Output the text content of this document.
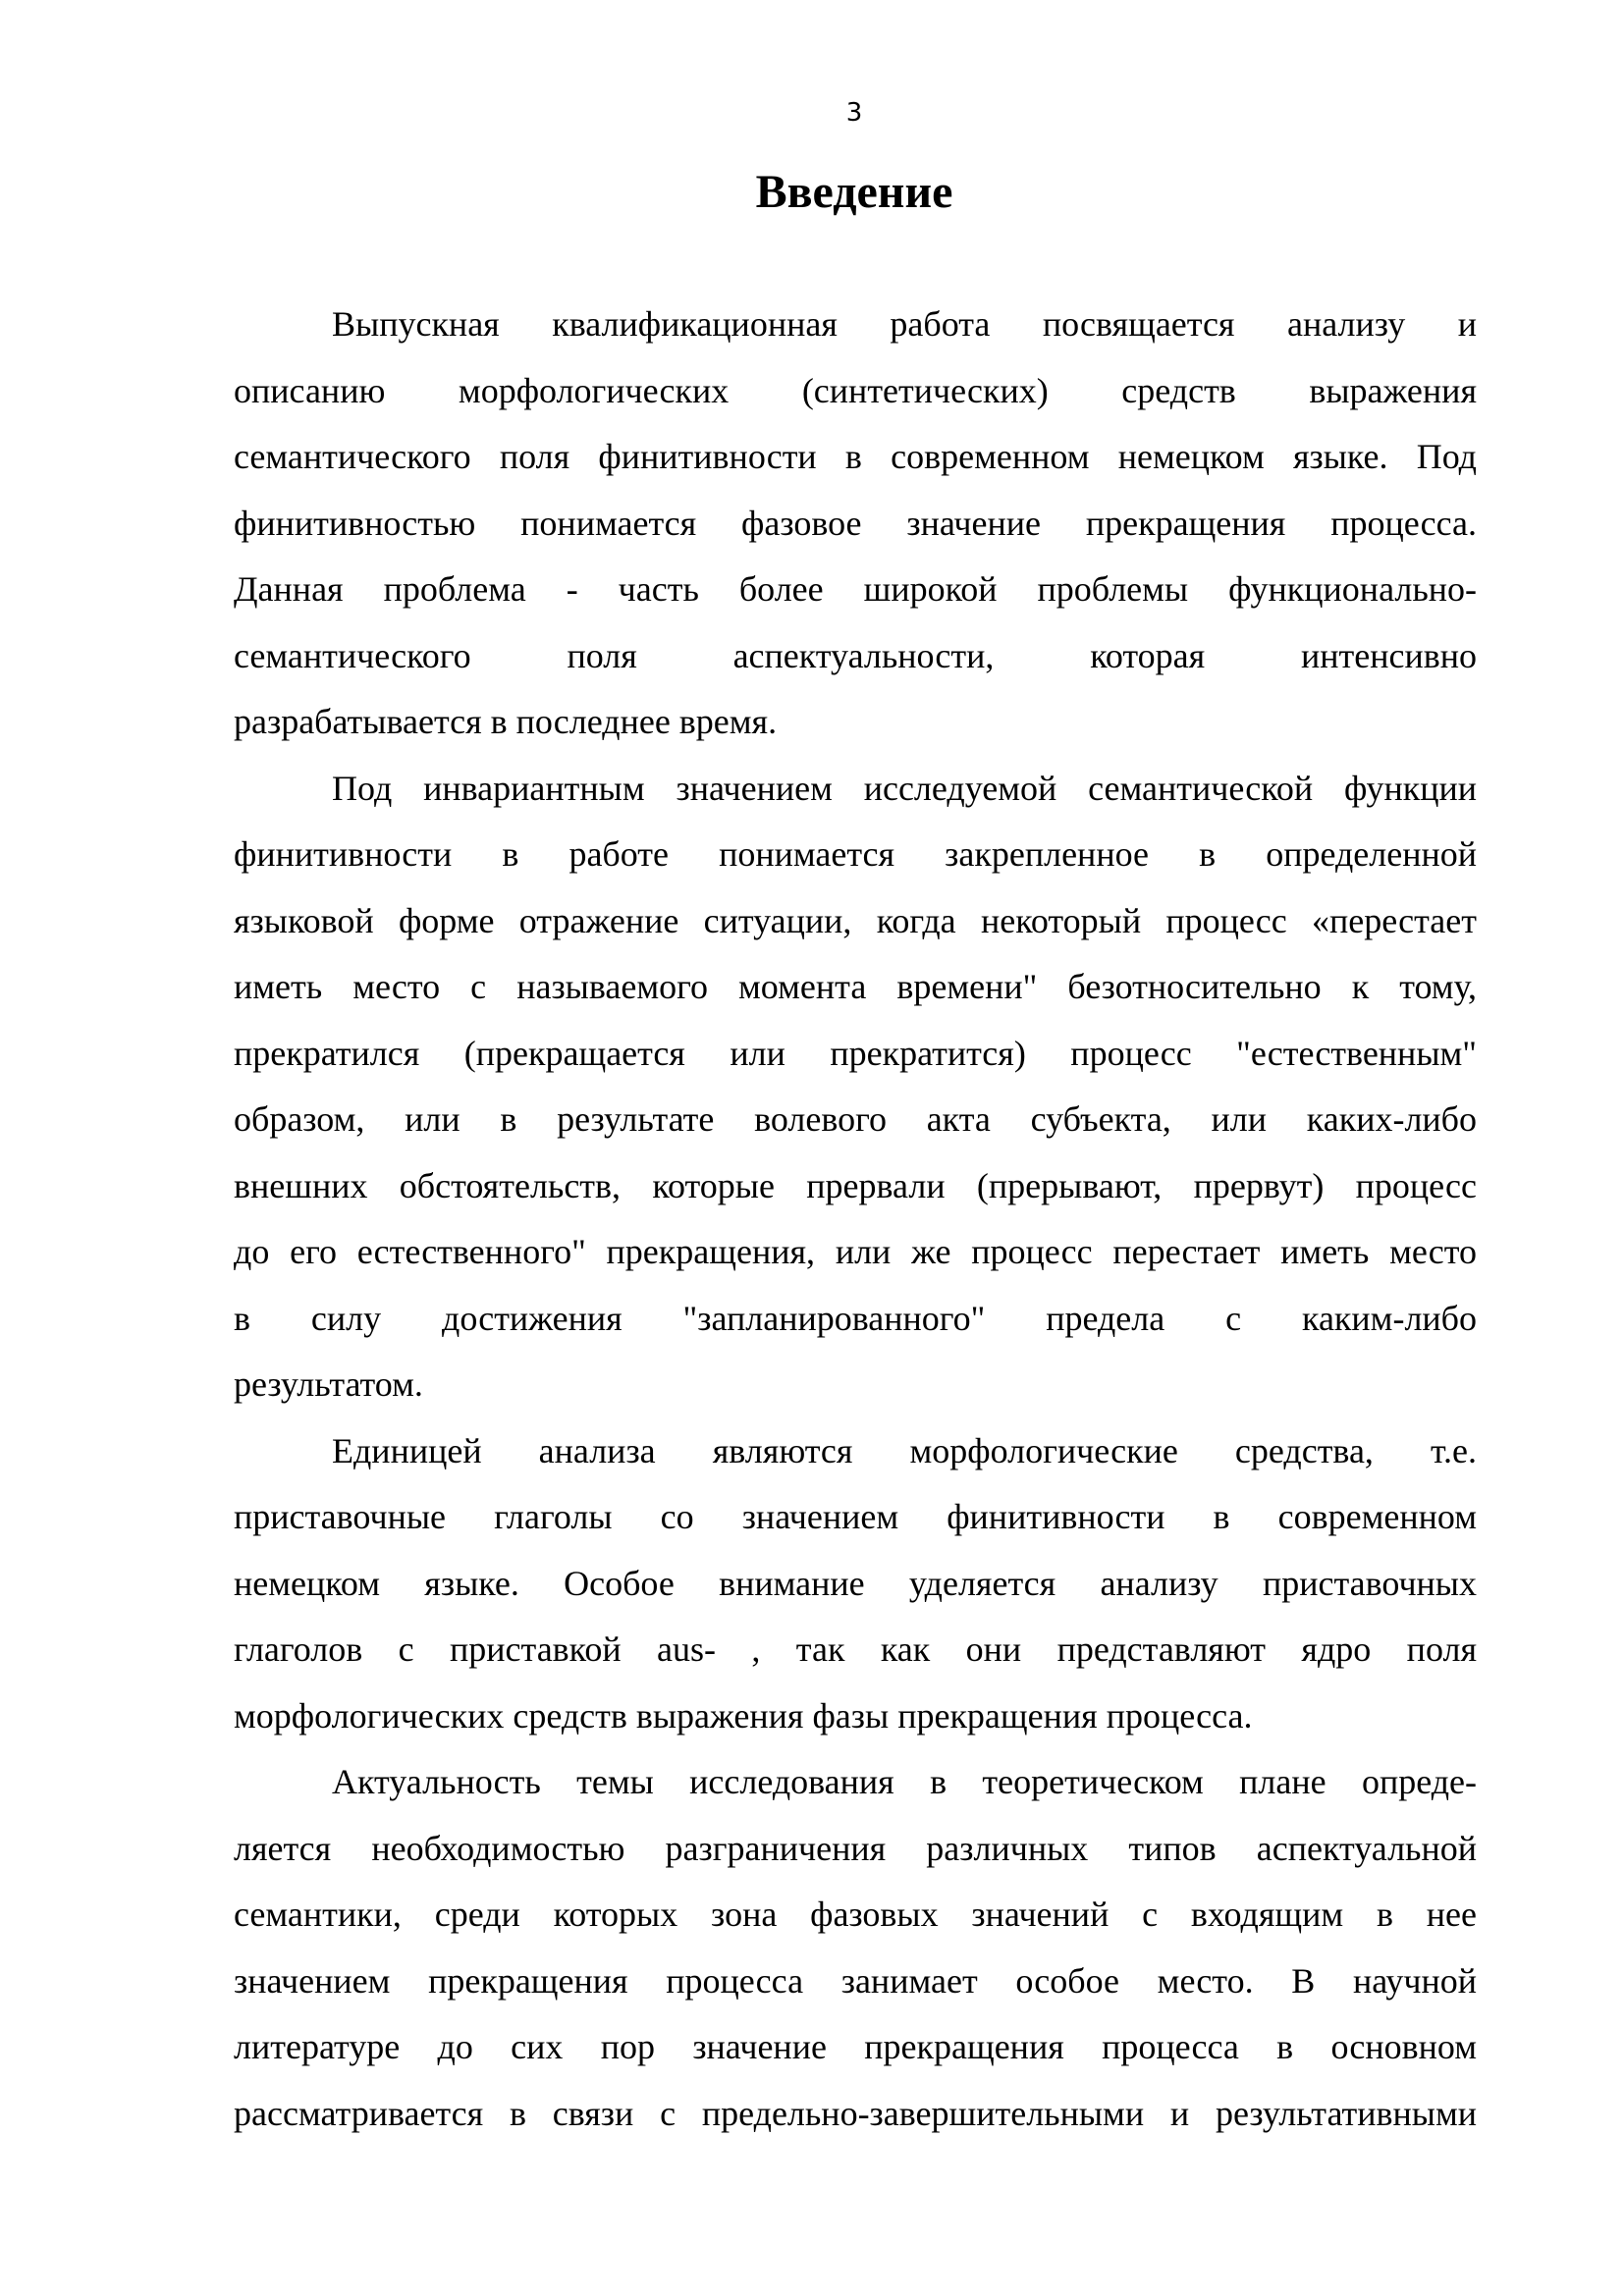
3
Введение
Выпускная квалификационная работа посвящается анализу и
описанию морфологических (синтетических) средств выражения
семантического поля финитивности в современном немецком языке. Под
финитивностью понимается фазовое значение прекращения процесса.
Данная проблема - часть более широкой проблемы функционально-
семантического поля аспектуальности, которая интенсивно
разрабатывается в последнее время.
Под инвариантным значением исследуемой семантической функции
финитивности в работе понимается закрепленное в определенной
языковой форме отражение ситуации, когда некоторый процесс «перестает
иметь место с называемого момента времени" безотносительно к тому,
прекратился (прекращается или прекратится) процесс "естественным"
образом, или в результате волевого акта субъекта, или каких-либо
внешних обстоятельств, которые прервали (прерывают, прервут) процесс
до его естественного" прекращения, или же процесс перестает иметь место
в силу достижения "запланированного" предела с каким-либо
результатом.
Единицей анализа являются морфологические средства, т.е.
приставочные глаголы со значением финитивности в современном
немецком языке. Особое внимание уделяется анализу приставочных
глаголов с приставкой aus- , так как они представляют ядро поля
морфологических средств выражения фазы прекращения процесса.
Актуальность темы исследования в теоретическом плане опреде-
ляется необходимостью разграничения различных типов аспектуальной
семантики, среди которых зона фазовых значений с входящим в нее
значением прекращения процесса занимает особое место. В научной
литературе до сих пор значение прекращения процесса в основном
рассматривается в связи с предельно-завершительными и результативными
